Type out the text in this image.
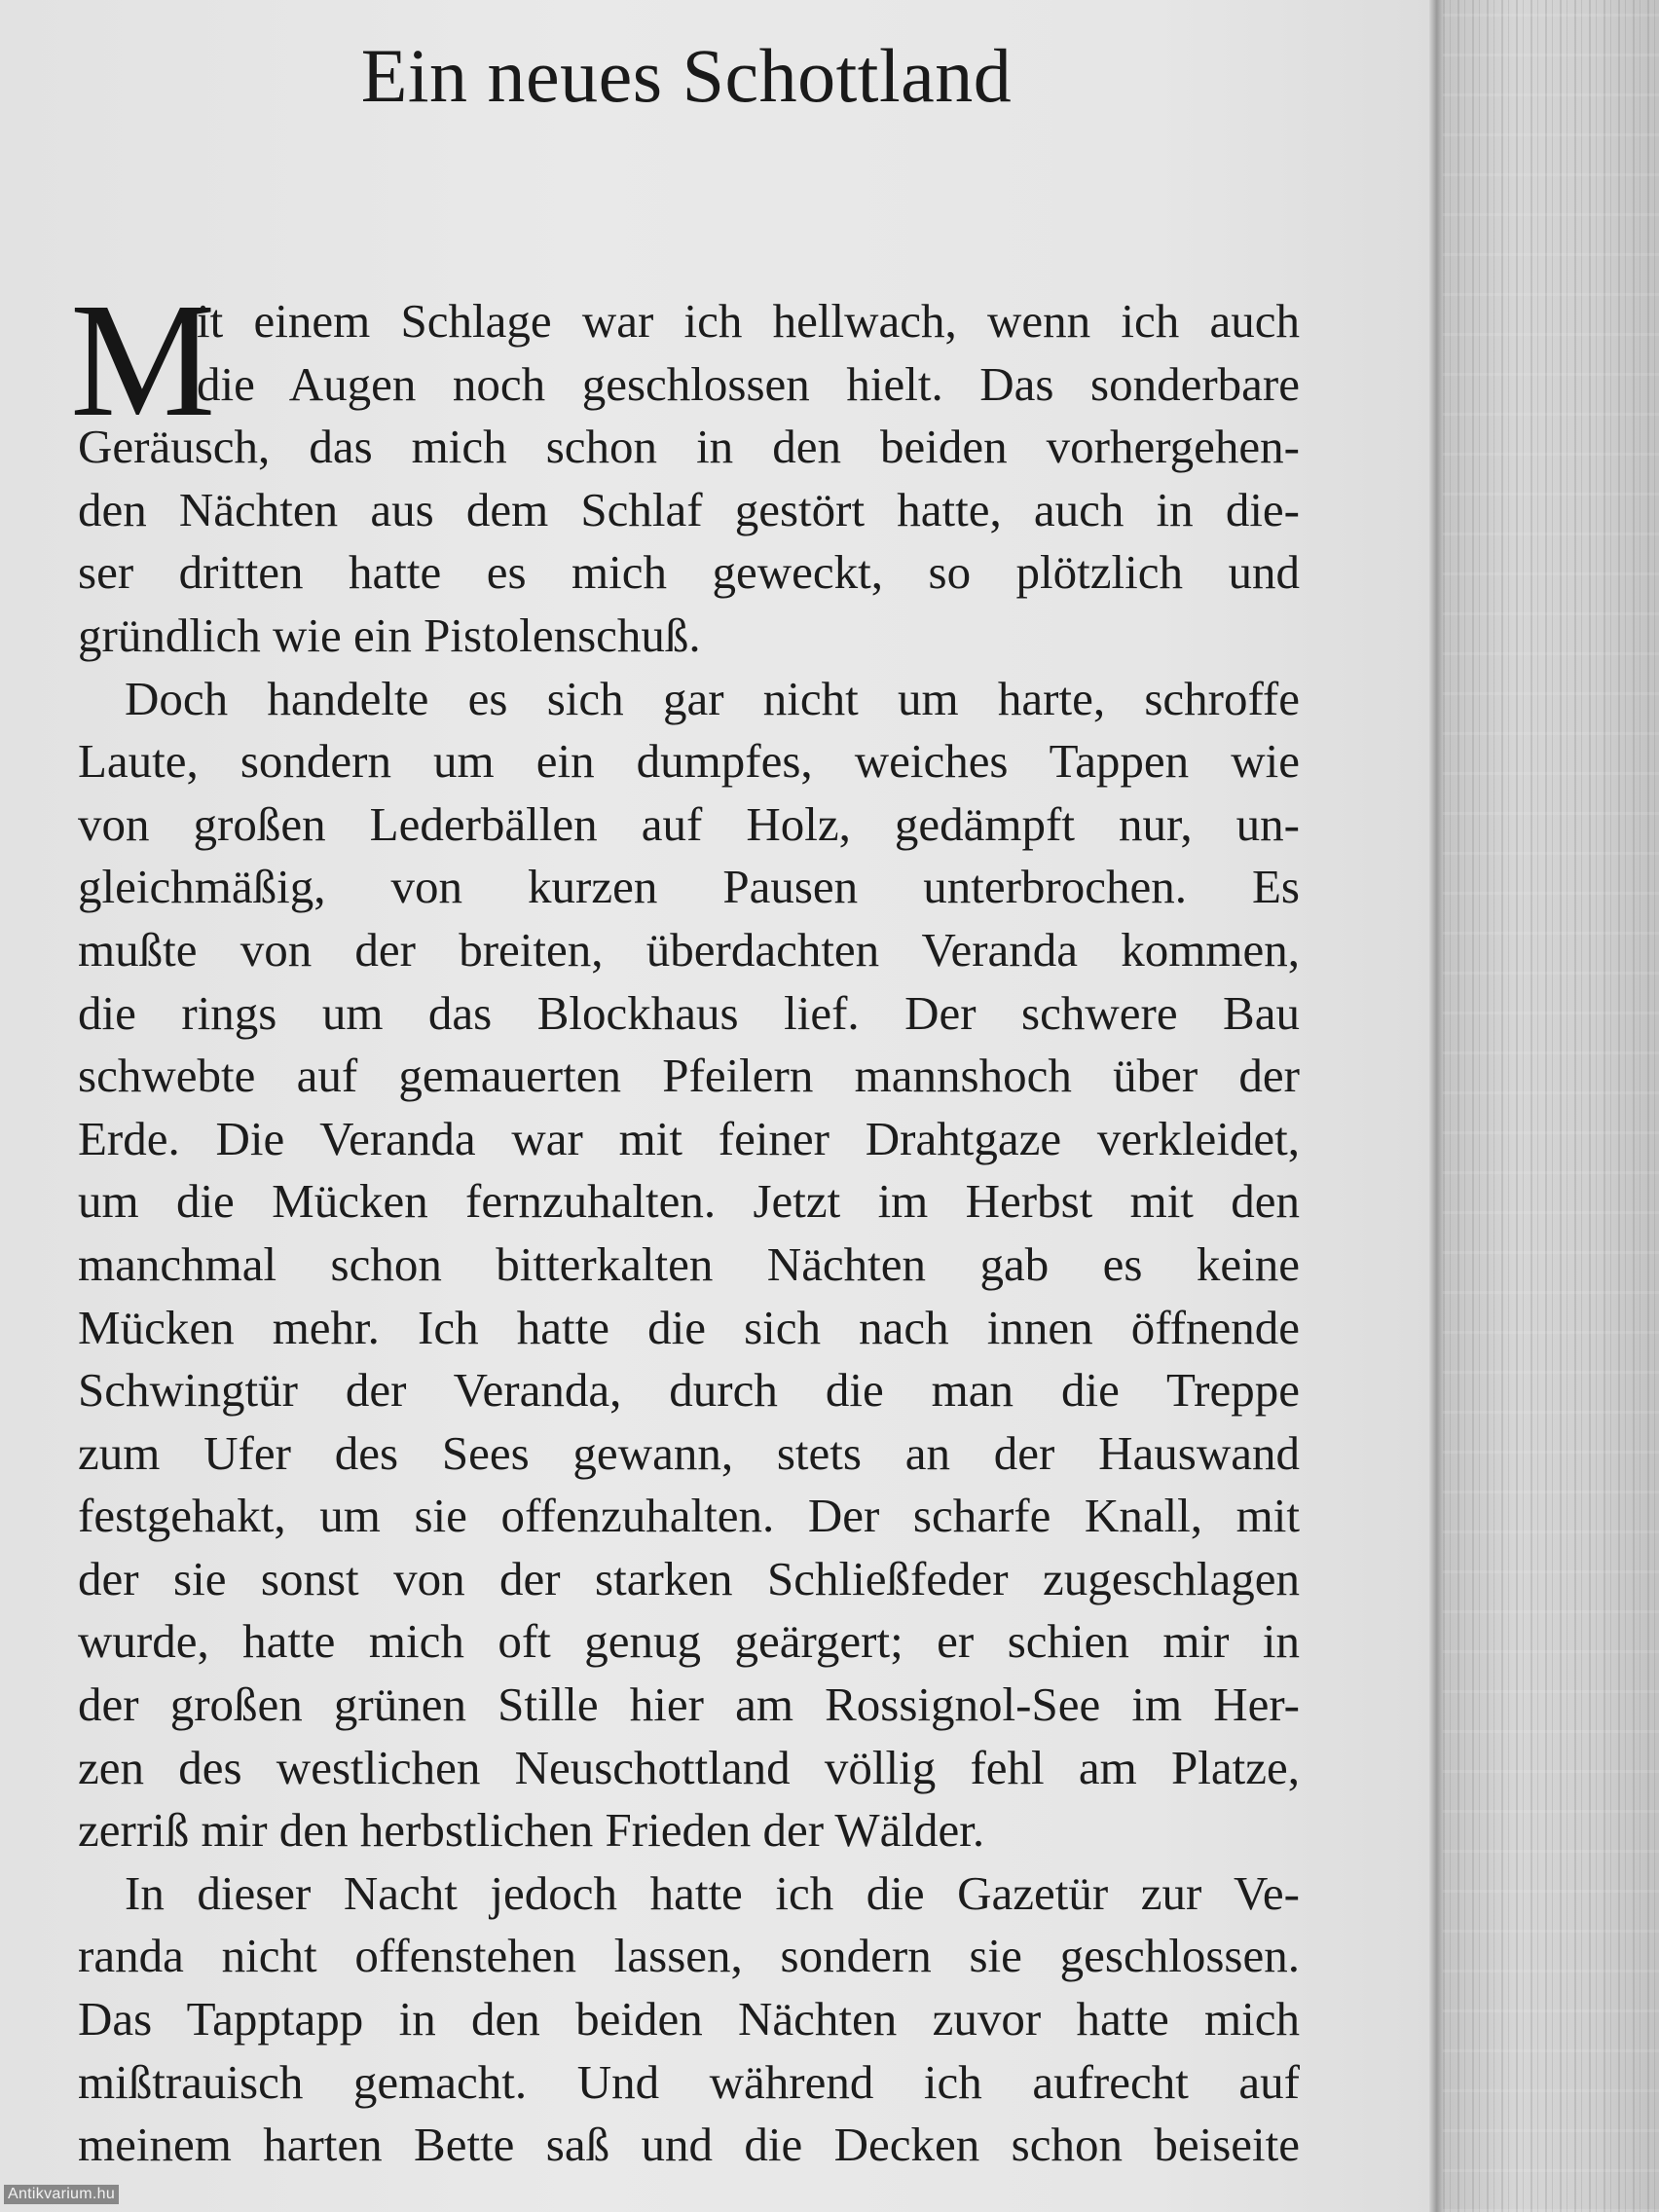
Ein neues Schottland
M
it einem Schlage war ich hellwach, wenn ich auch
die Augen noch geschlossen hielt. Das sonderbare
Geräusch, das mich schon in den beiden vorhergehen-
den Nächten aus dem Schlaf gestört hatte, auch in die-
ser dritten hatte es mich geweckt, so plötzlich und
gründlich wie ein Pistolenschuß.
Doch handelte es sich gar nicht um harte, schroffe
Laute, sondern um ein dumpfes, weiches Tappen wie
von großen Lederbällen auf Holz, gedämpft nur, un-
gleichmäßig, von kurzen Pausen unterbrochen. Es
mußte von der breiten, überdachten Veranda kommen,
die rings um das Blockhaus lief. Der schwere Bau
schwebte auf gemauerten Pfeilern mannshoch über der
Erde. Die Veranda war mit feiner Drahtgaze verkleidet,
um die Mücken fernzuhalten. Jetzt im Herbst mit den
manchmal schon bitterkalten Nächten gab es keine
Mücken mehr. Ich hatte die sich nach innen öffnende
Schwingtür der Veranda, durch die man die Treppe
zum Ufer des Sees gewann, stets an der Hauswand
festgehakt, um sie offenzuhalten. Der scharfe Knall, mit
der sie sonst von der starken Schließfeder zugeschlagen
wurde, hatte mich oft genug geärgert; er schien mir in
der großen grünen Stille hier am Rossignol-See im Her-
zen des westlichen Neuschottland völlig fehl am Platze,
zerriß mir den herbstlichen Frieden der Wälder.
In dieser Nacht jedoch hatte ich die Gazetür zur Ve-
randa nicht offenstehen lassen, sondern sie geschlossen.
Das Tapptapp in den beiden Nächten zuvor hatte mich
mißtrauisch gemacht. Und während ich aufrecht auf
meinem harten Bette saß und die Decken schon beiseite
Antikvarium.hu
